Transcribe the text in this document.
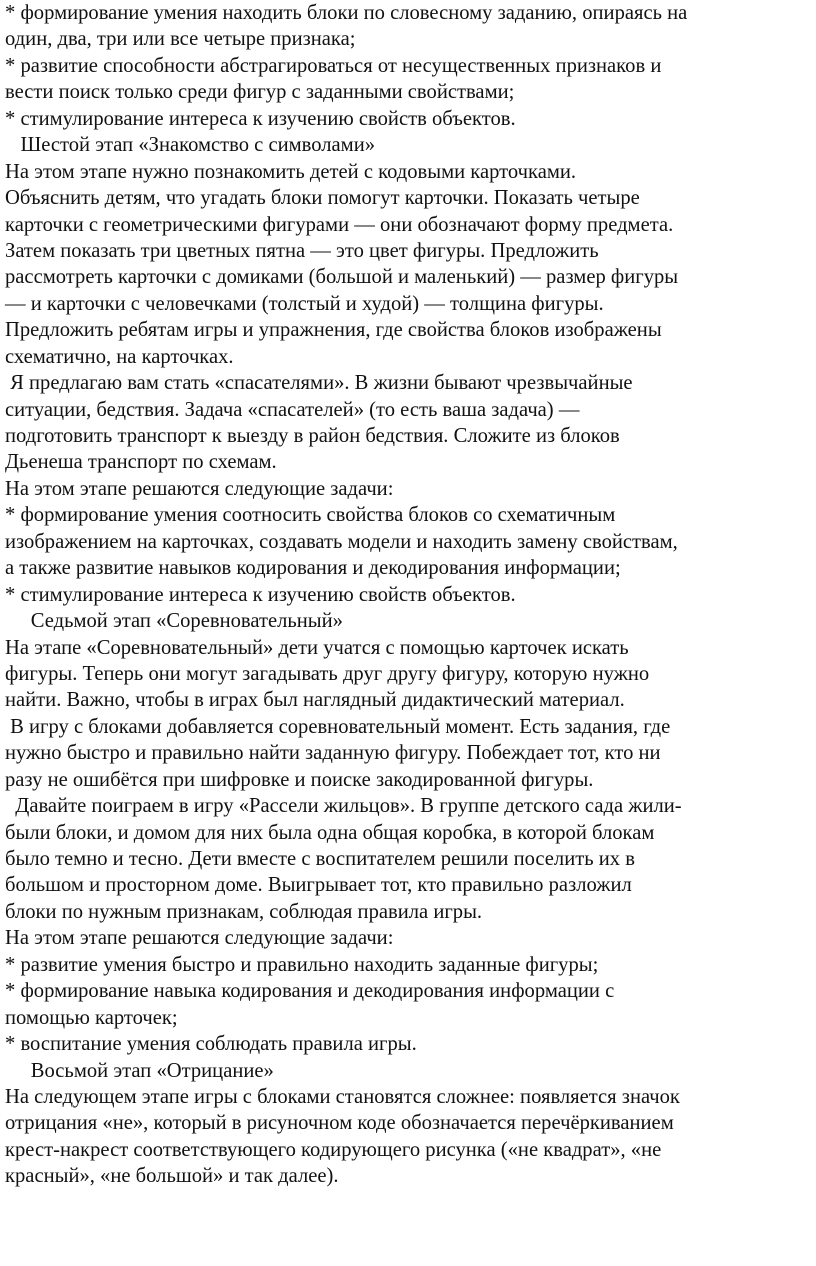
* формирование умения находить блоки по словесному заданию, опираясь на
один, два, три или все четыре признака;
* развитие способности абстрагироваться от несущественных признаков и
вести поиск только среди фигур с заданными свойствами;
* стимулирование интереса к изучению свойств объектов.
Шестой этап «Знакомство с символами»
На этом этапе нужно познакомить детей с кодовыми карточками.
Объяснить детям, что угадать блоки помогут карточки. Показать четыре
карточки с геометрическими фигурами — они обозначают форму предмета.
Затем показать три цветных пятна — это цвет фигуры. Предложить
рассмотреть карточки с домиками (большой и маленький) — размер фигуры
— и карточки с человечками (толстый и худой) — толщина фигуры.
Предложить ребятам игры и упражнения, где свойства блоков изображены
схематично, на карточках.
Я предлагаю вам стать «спасателями». В жизни бывают чрезвычайные
ситуации, бедствия. Задача «спасателей» (то есть ваша задача) —
подготовить транспорт к выезду в район бедствия. Сложите из блоков
Дьенеша транспорт по схемам.
На этом этапе решаются следующие задачи:
* формирование умения соотносить свойства блоков со схематичным
изображением на карточках, создавать модели и находить замену свойствам,
а также развитие навыков кодирования и декодирования информации;
* стимулирование интереса к изучению свойств объектов.
Седьмой этап «Соревновательный»
На этапе «Соревновательный» дети учатся с помощью карточек искать
фигуры. Теперь они могут загадывать друг другу фигуру, которую нужно
найти. Важно, чтобы в играх был наглядный дидактический материал.
В игру с блоками добавляется соревновательный момент. Есть задания, где
нужно быстро и правильно найти заданную фигуру. Побеждает тот, кто ни
разу не ошибётся при шифровке и поиске закодированной фигуры.
Давайте поиграем в игру «Рассели жильцов». В группе детского сада жили-
были блоки, и домом для них была одна общая коробка, в которой блокам
было темно и тесно. Дети вместе с воспитателем решили поселить их в
большом и просторном доме. Выигрывает тот, кто правильно разложил
блоки по нужным признакам, соблюдая правила игры.
На этом этапе решаются следующие задачи:
* развитие умения быстро и правильно находить заданные фигуры;
* формирование навыка кодирования и декодирования информации с
помощью карточек;
* воспитание умения соблюдать правила игры.
Восьмой этап «Отрицание»
На следующем этапе игры с блоками становятся сложнее: появляется значок
отрицания «не», который в рисуночном коде обозначается перечёркиванием
крест-накрест соответствующего кодирующего рисунка («не квадрат», «не
красный», «не большой» и так далее).
